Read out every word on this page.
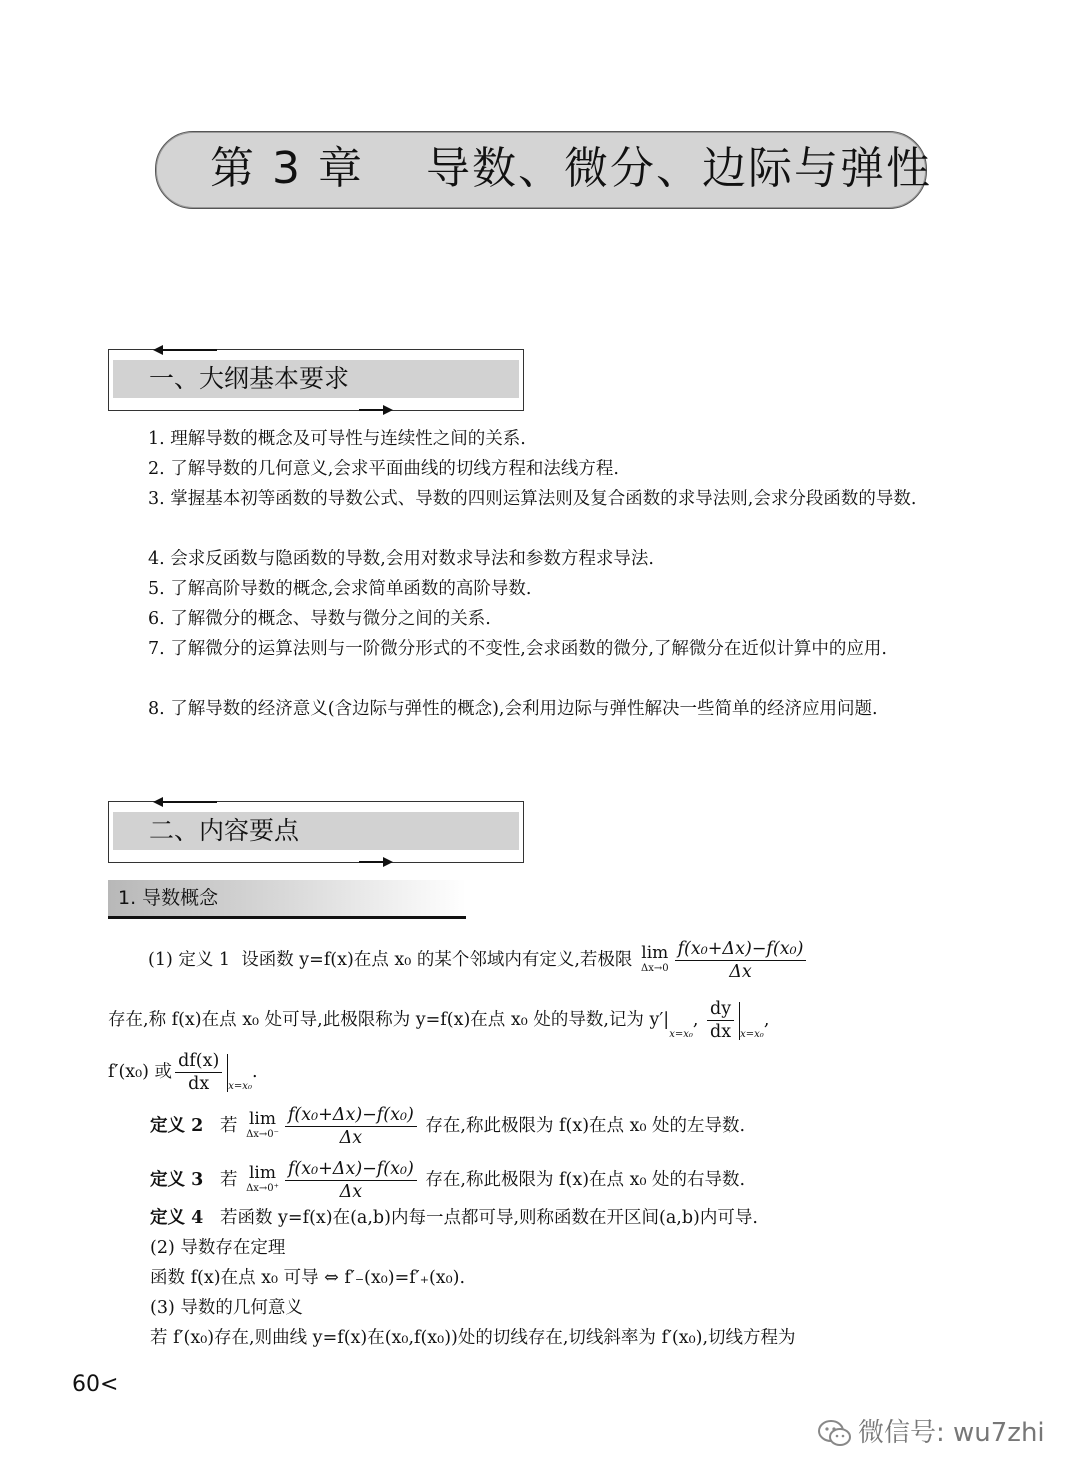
第 3 章　 导数、微分、边际与弹性
一、大纲基本要求
1. 理解导数的概念及可导性与连续性之间的关系.
2. 了解导数的几何意义,会求平面曲线的切线方程和法线方程.
3. 掌握基本初等函数的导数公式、导数的四则运算法则及复合函数的求导法则,会求分段函数的导数.
4. 会求反函数与隐函数的导数,会用对数求导法和参数方程求导法.
5. 了解高阶导数的概念,会求简单函数的高阶导数.
6. 了解微分的概念、导数与微分之间的关系.
7. 了解微分的运算法则与一阶微分形式的不变性,会求函数的微分,了解微分在近似计算中的应用.
8. 了解导数的经济意义(含边际与弹性的概念),会利用边际与弹性解决一些简单的经济应用问题.
二、内容要点
1. 导数概念
(1) 定义 1 设函数 y=f(x)在点 x₀ 的某个邻域内有定义,若极限 lim
$\Delta x\to 0 \frac{\text{f(x₀+Δx)−f(x₀)}}{\Delta x}$
存在,称 f(x)在点 x₀ 处可导,此极限称为 y=f(x)在点 x₀ 处的导数,记为 $y'|_{x=x_0}$, $\frac{dy}{dx} _{x=x_0}$,
f′(x₀) 或 $\frac{df(x)}{dx} _{x=x_0}$.
定义 2 若 lim
$\Delta x\to 0^- \frac{\text{f(x₀+Δx)−f(x₀)}}{\Delta x}$ 存在,称此极限为 f(x)在点 x₀ 处的左导数.
定义 3 若 lim
$\Delta x\to 0^+ \frac{\text{f(x₀+Δx)−f(x₀)}}{\Delta x}$ 存在,称此极限为 f(x)在点 x₀ 处的右导数.
定义 4 若函数 y=f(x)在(a,b)内每一点都可导,则称函数在开区间(a,b)内可导.
(2) 导数存在定理
函数 f(x)在点 x₀ 可导 ⇔ f′₋(x₀)=f′₊(x₀).
(3) 导数的几何意义
若 f′(x₀)存在,则曲线 y=f(x)在(x₀,f(x₀))处的切线存在,切线斜率为 f′(x₀),切线方程为
60<
微信号: wu7zhi
